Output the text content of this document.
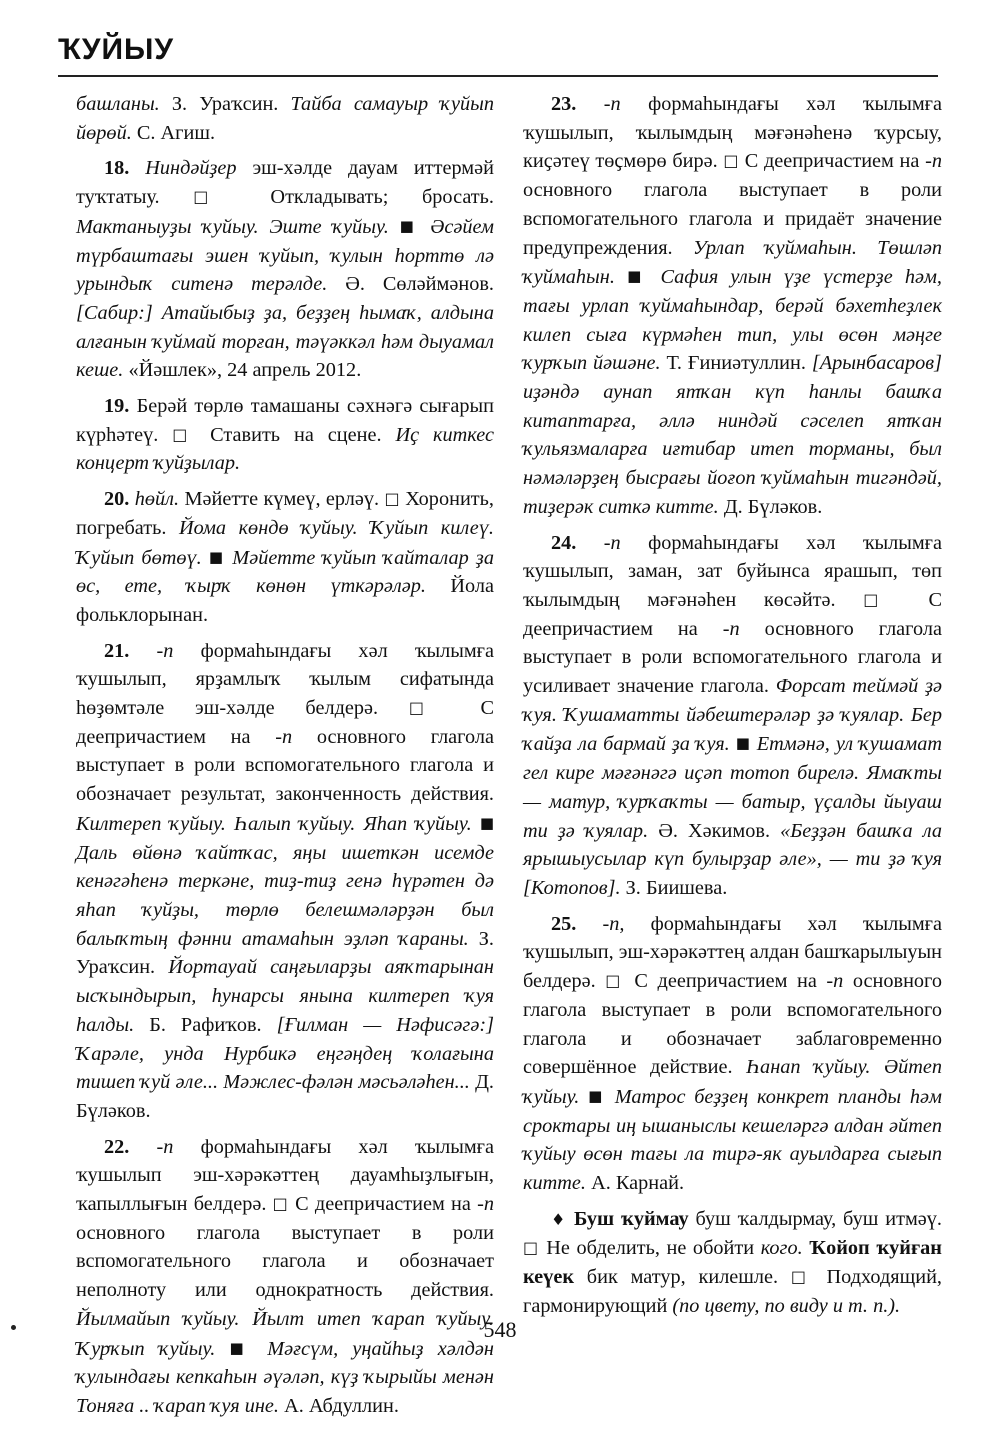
ҠУЙЫУ

башланы. З. Ураҡсин. Тайба самауыр ҡуйып йөрөй. С. Агиш.

18. Ниндәйҙер эш-хәлде дауам иттермәй туҡтатыу. □ Откладывать; бросать. Мактаныуҙы ҡуйыу. Эште ҡуйыу. ■ Әсәйем түрбаштағы эшен ҡуйып, ҡулын һорттө лә урындыҡ ситенә терәлде. Ә. Сөләймәнов. [Сабир:] Атайыбыҙ ҙа, беҙҙең һымаҡ, алдына алғанын ҡуймай торған, тәүәккәл һәм дыуамал кеше. «Йәшлек», 24 апрель 2012.

19. Берәй төрлө тамашаны сәхнәгә сығарып күрһәтеү. □ Ставить на сцене. Иҫ киткес концерт ҡуйҙылар.

20. һөйл. Мәйетте күмеү, ерләү. □ Хоронить, погребать. Йома көндө ҡуйыу. Ҡуйып килеү. Ҡуйып бөтөү. ■ Мәйетте ҡуйып ҡайталар ҙа өс, ете, ҡырҡ көнөн үткәрәләр. Йола фольклорынан.

21. -п формаһындағы хәл ҡылымға ҡушылып, ярҙамлыҡ ҡылым сифатында һөҙөмтәле эш-хәлде белдерә. □ С деепричастием на -п основного глагола выступает в роли вспомогательного глагола и обозначает результат, законченность действия. Килтереп ҡуйыу. Һалып ҡуйыу. Яһап ҡуйыу. ■ Даль өйөнә ҡайтҡас, яңы ишеткән исемде кенәгәһенә теркәне, тиҙ-тиҙ генә һүрәтен дә яһап ҡуйҙы, төрлө белешмәләрҙән был балыҡтың фәнни атамаһын эҙләп ҡараны. З. Ураҡсин. Йортауай саңғыларҙы аяҡтарынан ысҡындырып, һунарсы янына килтереп ҡуя һалды. Б. Рафиҡов. [Ғилман — Нәфисәгә:] Ҡарәле, унда Нурбикә еңгәңдең ҡолағына тишеп ҡуй әле... Мәжлес-фәлән мәсьәләһен... Д. Бүләков.

22. -п формаһындағы хәл ҡылымға ҡушылып эш-хәрәкәттең дауамһыҙлығын, ҡапыллығын белдерә. □ С деепричастием на -п основного глагола выступает в роли вспомогательного глагола и обозначает неполноту или однократность действия. Йылмайып ҡуйыу. Йылт итеп ҡарап ҡуйыу. Ҡурҡып ҡуйыу. ■ Мәғсүм, уңайһыҙ хәлдән ҡулындағы кепкаһын әүәләп, күҙ ҡырыйы менән Тоняға .. ҡарап ҡуя ине. А. Абдуллин.

23. -п формаһындағы хәл ҡылымға ҡушылып, ҡылымдың мәғәнәһенә ҡурсыу, киҫәтеү төҫмөрө бирә. □ С деепричастием на -п основного глагола выступает в роли вспомогательного глагола и придаёт значение предупреждения. Урлап ҡуймаһын. Төшләп ҡуймаһын. ■ Сафия улын үҙе үстерҙе һәм, тағы урлап ҡуймаһындар, берәй бәхетһеҙлек килеп сыға күрмәһен тип, улы өсөн мәңге ҡурҡып йәшәне. Т. Ғиниәтуллин. [Арынбасаров] иҙәндә аунап ятҡан күп һанлы башҡа китаптарға, әллә ниндәй сәселеп ятҡан ҡульязмаларға иғтибар итеп торманы, был нәмәләрҙең бысрағы йоғоп ҡуймаһын тигәндәй, тиҙерәк ситкә китте. Д. Бүләков.

24. -п формаһындағы хәл ҡылымға ҡушылып, заман, зат буйынса ярашып, төп ҡылымдың мәғәнәһен көсәйтә. □ С деепричастием на -п основного глагола выступает в роли вспомогательного глагола и усиливает значение глагола. Форсат теймәй ҙә ҡуя. Ҡушаматты йәбештерәләр ҙә ҡуялар. Бер ҡайҙа ла бармай ҙа ҡуя. ■ Етмәнә, ул ҡушамат гел кире мәғәнәгә иҫәп тотоп бирелә. Ямаҡты — матур, ҡурҡаҡты — батыр, үҫалды йыуаш ти ҙә ҡуялар. Ә. Хәкимов. «Беҙҙән башҡа ла ярышыусылар күп булырҙар әле», — ти ҙә ҡуя [Котопов]. З. Биишева.

25. -п, формаһындағы хәл ҡылымға ҡушылып, эш-хәрәкәттең алдан башҡарылыуын белдерә. □ С деепричастием на -п основного глагола выступает в роли вспомогательного глагола и обозначает заблаговременно совершённое действие. Һанап ҡуйыу. Әйтеп ҡуйыу. ■ Матрос беҙҙең конкрет планды һәм сроктары иң ышаныслы кешеләргә алдан әйтеп ҡуйыу өсөн тағы ла тирә-як ауылдарға сығып китте. А. Карнай.

♦ Буш ҡуймау буш ҡалдырмау, буш итмәү. □ Не обделить, не обойти кого. Ҡойоп ҡуйған кеүек бик матур, килешле. □ Подходящий, гармонирующий (по цвету, по виду и т. п.).

548
